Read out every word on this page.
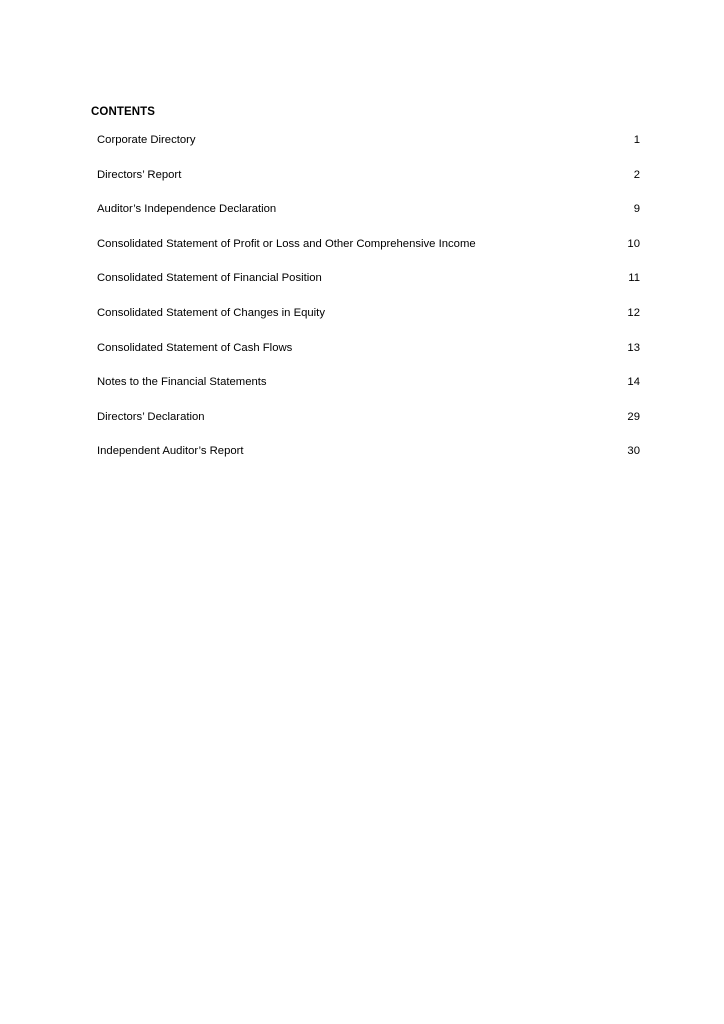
CONTENTS
Corporate Directory	1
Directors’ Report	2
Auditor’s Independence Declaration	9
Consolidated Statement of Profit or Loss and Other Comprehensive Income	10
Consolidated Statement of Financial Position	11
Consolidated Statement of Changes in Equity	12
Consolidated Statement of Cash Flows	13
Notes to the Financial Statements	14
Directors’ Declaration	29
Independent Auditor’s Report	30
